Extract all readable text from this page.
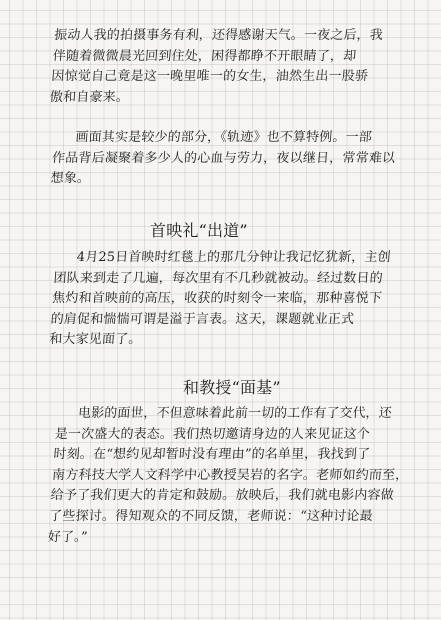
振动人我的拍摄事务有利，还得感谢天气。一夜之后，我
伴随着微微晨光回到住处，困得都睁不开眼睛了，却
因惊觉自己竟是这一晚里唯一的女生，油然生出一股骄
傲和自豪来。
画面其实是较少的部分，《轨迹》也不算特例。一部
作品背后凝聚着多少人的心血与劳力，夜以继日，常常难以
想象。
首映礼“出道”
4月25日首映时红毯上的那几分钟让我记忆犹新，主创 团队来到走了几遍，每次里有不几秒就被动。经过数日的
焦灼和首映前的高压，收获的时刻令一来临，那种喜悦下
的肩促和惴惴可谓是溢于言表。这天，课题就业正式
和大家见面了。
和教授“面基”
电影的面世，不但意味着此前一切的工作有了交代，还 是一次盛大的表态。我们热切邀请身边的人来见证这个 时刻。在“想约见却暂时没有理由”的名单里，我找到了
南方科技大学人文科学中心教授吴岩的名字。老师如约而至，
给予了我们更大的肯定和鼓励。放映后，我们就电影内容做
了些探讨。得知观众的不同反馈，老师说：“这种讨论最
好了。”
